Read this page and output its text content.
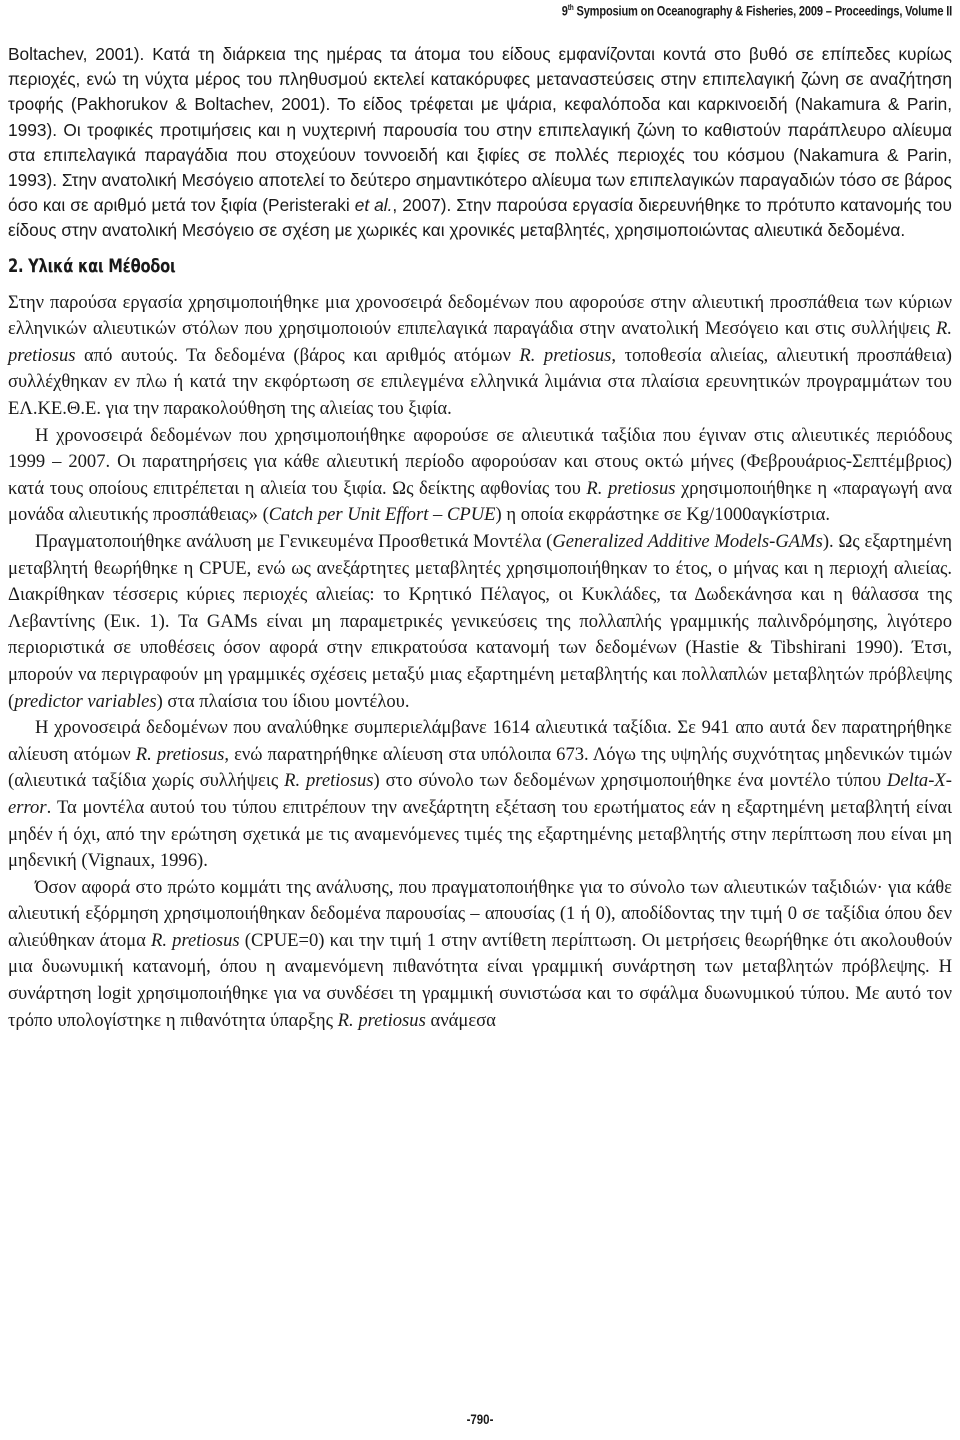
9th Symposium on Oceanography & Fisheries, 2009 – Proceedings, Volume II

Boltachev, 2001). Κατά τη διάρκεια της ημέρας τα άτομα του είδους εμφανίζονται κοντά στο βυθό σε επίπεδες κυρίως περιοχές, ενώ τη νύχτα μέρος του πληθυσμού εκτελεί κατακόρυφες μεταναστεύσεις στην επιπελαγική ζώνη σε αναζήτηση τροφής (Pakhorukov & Boltachev, 2001). Το είδος τρέφεται με ψάρια, κεφαλόποδα και καρκινοειδή (Nakamura & Parin, 1993). Οι τροφικές προτιμήσεις και η νυχτερινή παρουσία του στην επιπελαγική ζώνη το καθιστούν παράπλευρο αλίευμα στα επιπελαγικά παραγάδια που στοχεύουν τοννοειδή και ξιφίες σε πολλές περιοχές του κόσμου (Nakamura & Parin, 1993). Στην ανατολική Μεσόγειο αποτελεί το δεύτερο σημαντικότερο αλίευμα των επιπελαγικών παραγαδιών τόσο σε βάρος όσο και σε αριθμό μετά τον ξιφία (Peristeraki et al., 2007). Στην παρούσα εργασία διερευνήθηκε το πρότυπο κατανομής του είδους στην ανατολική Μεσόγειο σε σχέση με χωρικές και χρονικές μεταβλητές, χρησιμοποιώντας αλιευτικά δεδομένα.

2. Υλικά και Μέθοδοι

Στην παρούσα εργασία χρησιμοποιήθηκε μια χρονοσειρά δεδομένων που αφορούσε στην αλιευτική προσπάθεια των κύριων ελληνικών αλιευτικών στόλων που χρησιμοποιούν επιπελαγικά παραγάδια στην ανατολική Μεσόγειο και στις συλλήψεις R. pretiosus από αυτούς. Τα δεδομένα (βάρος και αριθμός ατόμων R. pretiosus, τοποθεσία αλιείας, αλιευτική προσπάθεια) συλλέχθηκαν εν πλω ή κατά την εκφόρτωση σε επιλεγμένα ελληνικά λιμάνια στα πλαίσια ερευνητικών προγραμμάτων του ΕΛ.ΚΕ.Θ.Ε. για την παρακολούθηση της αλιείας του ξιφία.

Η χρονοσειρά δεδομένων που χρησιμοποιήθηκε αφορούσε σε αλιευτικά ταξίδια που έγιναν στις αλιευτικές περιόδους 1999 – 2007. Οι παρατηρήσεις για κάθε αλιευτική περίοδο αφορούσαν και στους οκτώ μήνες (Φεβρουάριος-Σεπτέμβριος) κατά τους οποίους επιτρέπεται η αλιεία του ξιφία. Ως δείκτης αφθονίας του R. pretiosus χρησιμοποιήθηκε η «παραγωγή ανα μονάδα αλιευτικής προσπάθειας» (Catch per Unit Effort – CPUE) η οποία εκφράστηκε σε Kg/1000αγκίστρια.

Πραγματοποιήθηκε ανάλυση με Γενικευμένα Προσθετικά Μοντέλα (Generalized Additive Models-GAMs). Ως εξαρτημένη μεταβλητή θεωρήθηκε η CPUE, ενώ ως ανεξάρτητες μεταβλητές χρησιμοποιήθηκαν το έτος, ο μήνας και η περιοχή αλιείας. Διακρίθηκαν τέσσερις κύριες περιοχές αλιείας: το Κρητικό Πέλαγος, οι Κυκλάδες, τα Δωδεκάνησα και η θάλασσα της Λεβαντίνης (Εικ. 1). Τα GAMs είναι μη παραμετρικές γενικεύσεις της πολλαπλής γραμμικής παλινδρόμησης, λιγότερο περιοριστικά σε υποθέσεις όσον αφορά στην επικρατούσα κατανομή των δεδομένων (Hastie & Tibshirani 1990). Έτσι, μπορούν να περιγραφούν μη γραμμικές σχέσεις μεταξύ μιας εξαρτημένη μεταβλητής και πολλαπλών μεταβλητών πρόβλεψης (predictor variables) στα πλαίσια του ίδιου μοντέλου.

Η χρονοσειρά δεδομένων που αναλύθηκε συμπεριελάμβανε 1614 αλιευτικά ταξίδια. Σε 941 απο αυτά δεν παρατηρήθηκε αλίευση ατόμων R. pretiosus, ενώ παρατηρήθηκε αλίευση στα υπόλοιπα 673. Λόγω της υψηλής συχνότητας μηδενικών τιμών (αλιευτικά ταξίδια χωρίς συλλήψεις R. pretiosus) στο σύνολο των δεδομένων χρησιμοποιήθηκε ένα μοντέλο τύπου Delta-X-error. Τα μοντέλα αυτού του τύπου επιτρέπουν την ανεξάρτητη εξέταση του ερωτήματος εάν η εξαρτημένη μεταβλητή είναι μηδέν ή όχι, από την ερώτηση σχετικά με τις αναμενόμενες τιμές της εξαρτημένης μεταβλητής στην περίπτωση που είναι μη μηδενική (Vignaux, 1996).

Όσον αφορά στο πρώτο κομμάτι της ανάλυσης, που πραγματοποιήθηκε για το σύνολο των αλιευτικών ταξιδιών· για κάθε αλιευτική εξόρμηση χρησιμοποιήθηκαν δεδομένα παρουσίας – απουσίας (1 ή 0), αποδίδοντας την τιμή 0 σε ταξίδια όπου δεν αλιεύθηκαν άτομα R. pretiosus (CPUE=0) και την τιμή 1 στην αντίθετη περίπτωση. Οι μετρήσεις θεωρήθηκε ότι ακολουθούν μια δυωνυμική κατανομή, όπου η αναμενόμενη πιθανότητα είναι γραμμική συνάρτηση των μεταβλητών πρόβλεψης. Η συνάρτηση logit χρησιμοποιήθηκε για να συνδέσει τη γραμμική συνιστώσα και το σφάλμα δυωνυμικού τύπου. Με αυτό τον τρόπο υπολογίστηκε η πιθανότητα ύπαρξης R. pretiosus ανάμεσα

-790-
